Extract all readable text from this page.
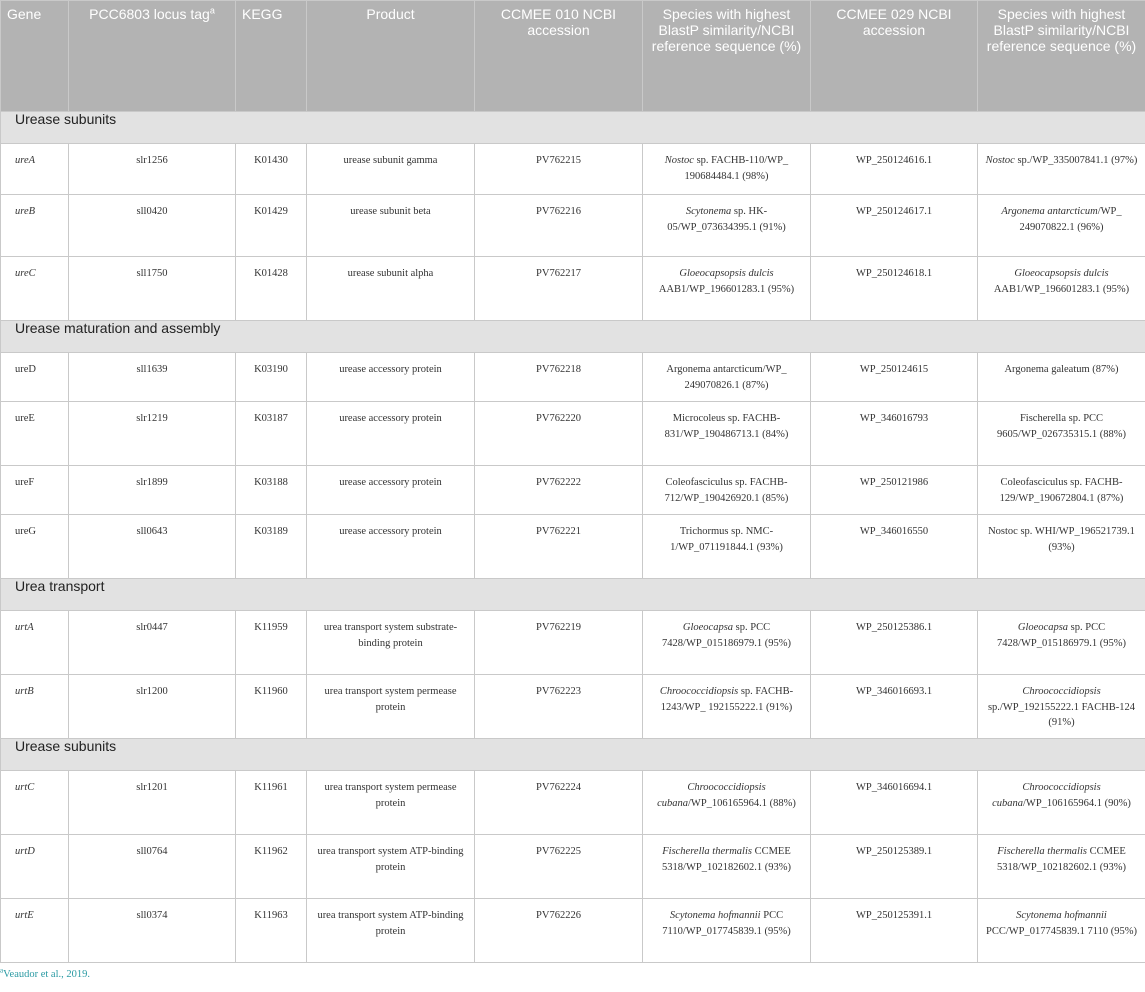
Gene	PCC6803 locus tag$^a$	KEGG	Product	CCMEE 010 NCBI accession	Species with highest BlastP similarity/NCBI reference sequence (%)	CCMEE 029 NCBI accession	Species with highest BlastP similarity/NCBI reference sequence (%)
Urease subunits							
ureA	slr1256	K01430	urease subunit gamma	PV762215	Nostoc sp. FACHB-110/WP_ 190684484.1 (98%)	WP_250124616.1	Nostoc sp./WP_335007841.1 (97%)
ureB	sll0420	K01429	urease subunit beta	PV762216	Scytonema sp. HK-05/WP_073634395.1 (91%)	WP_250124617.1	Argonema antarcticum/WP_ 249070822.1 (96%)
ureC	sll1750	K01428	urease subunit alpha	PV762217	Gloeocapsopsis dulcis AAB1/WP_196601283.1 (95%)	WP_250124618.1	Gloeocapsopsis dulcis AAB1/WP_196601283.1 (95%)
Urease maturation and assembly							
ureD	sll1639	K03190	urease accessory protein	PV762218	Argonema antarcticum/WP_ 249070826.1 (87%)	WP_250124615	Argonema galeatum (87%)
ureE	slr1219	K03187	urease accessory protein	PV762220	Microcoleus sp. FACHB-831/WP_190486713.1 (84%)	WP_346016793	Fischerella sp. PCC 9605/WP_026735315.1 (88%)
ureF	slr1899	K03188	urease accessory protein	PV762222	Coleofasciculus sp. FACHB-712/WP_190426920.1 (85%)	WP_250121986	Coleofasciculus sp. FACHB-129/WP_190672804.1 (87%)
ureG	sll0643	K03189	urease accessory protein	PV762221	Trichormus sp. NMC-1/WP_071191844.1 (93%)	WP_346016550	Nostoc sp. WHI/WP_196521739.1 (93%)
Urea transport							
urtA	slr0447	K11959	urea transport system substrate-binding protein	PV762219	Gloeocapsa sp. PCC 7428/WP_015186979.1 (95%)	WP_250125386.1	Gloeocapsa sp. PCC 7428/WP_015186979.1 (95%)
urtB	slr1200	K11960	urea transport system permease protein	PV762223	Chroococcidiopsis sp. FACHB-1243/WP_ 192155222.1 (91%)	WP_346016693.1	Chroococcidiopsis sp./WP_192155222.1 FACHB-124 (91%)
Urease subunits							
urtC	slr1201	K11961	urea transport system permease protein	PV762224	Chroococcidiopsis cubana/WP_106165964.1 (88%)	WP_346016694.1	Chroococcidiopsis cubana/WP_106165964.1 (90%)
urtD	sll0764	K11962	urea transport system ATP-binding protein	PV762225	Fischerella thermalis CCMEE 5318/WP_102182602.1 (93%)	WP_250125389.1	Fischerella thermalis CCMEE 5318/WP_102182602.1 (93%)
urtE	sll0374	K11963	urea transport system ATP-binding protein	PV762226	Scytonema hofmannii PCC 7110/WP_017745839.1 (95%)	WP_250125391.1	Scytonema hofmannii PCC/WP_017745839.1 7110 (95%)

$^a$Veaudor et al., 2019.
